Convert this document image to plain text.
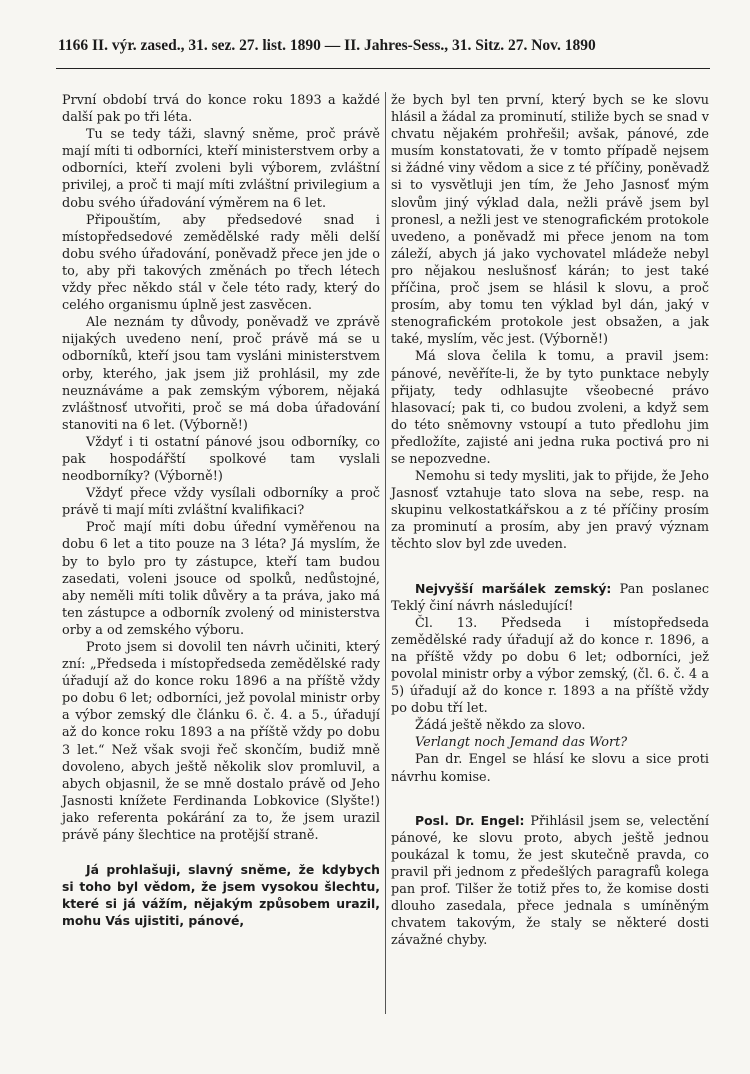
1166 II. výr. zased., 31. sez. 27. list. 1890 — II. Jahres-Sess., 31. Sitz. 27. Nov. 1890

První období trvá do konce roku 1893 a každé další pak po tři léta.

Tu se tedy táži, slavný sněme, proč právě mají míti ti odborníci, kteří ministerstvem orby a odborníci, kteří zvoleni byli výborem, zvláštní privilej, a proč ti mají míti zvláštní privilegium a dobu svého úřadování výměrem na 6 let.

Připouštím, aby předsedové snad i místopředsedové zemědělské rady měli delší dobu svého úřadování, poněvadž přece jen jde o to, aby při takových změnách po třech létech vždy přec někdo stál v čele této rady, který do celého organismu úplně jest zasvěcen.

Ale neznám ty důvody, poněvadž ve zprávě nijakých uvedeno není, proč právě má se u odborníků, kteří jsou tam vysláni ministerstvem orby, kterého, jak jsem již prohlásil, my zde neuznáváme a pak zemským výborem, nějaká zvláštnosť utvořiti, proč se má doba úřadování stanoviti na 6 let. (Výborně!)

Vždyť i ti ostatní pánové jsou odborníky, co pak hospodářští spolkové tam vyslali neodborníky? (Výborně!)

Vždyť přece vždy vysílali odborníky a proč právě ti mají míti zvláštní kvalifikaci?

Proč mají míti dobu úřední vyměřenou na dobu 6 let a tito pouze na 3 léta? Já myslím, že by to bylo pro ty zástupce, kteří tam budou zasedati, voleni jsouce od spolků, nedůstojné, aby neměli míti tolik důvěry a ta práva, jako má ten zástupce a odborník zvolený od ministerstva orby a od zemského výboru.

Proto jsem si dovolil ten návrh učiniti, který zní: „Předseda i místopředseda zemědělské rady úřadují až do konce roku 1896 a na příště vždy po dobu 6 let; odborníci, jež povolal ministr orby a výbor zemský dle článku 6. č. 4. a 5., úřadují až do konce roku 1893 a na příště vždy po dobu 3 let.“ Než však svoji řeč skončím, budiž mně dovoleno, abych ještě několik slov promluvil, a abych objasnil, že se mně dostalo právě od Jeho Jasnosti knížete Ferdinanda Lobkovice (Slyšte!) jako referenta pokárání za to, že jsem urazil právě pány šlechtice na protější straně.

Já prohlašuji, slavný sněme, že kdybych si toho byl vědom, že jsem vysokou šlechtu, které si já vážím, nějakým způsobem urazil, mohu Vás ujistiti, pánové,

že bych byl ten první, který bych se ke slovu hlásil a žádal za prominutí, stiliže bych se snad v chvatu nějakém prohřešil; avšak, pánové, zde musím konstatovati, že v tomto případě nejsem si žádné viny vědom a sice z té příčiny, poněvadž si to vysvětluji jen tím, že Jeho Jasnosť mým slovům jiný výklad dala, nežli právě jsem byl pronesl, a nežli jest ve stenografickém protokole uvedeno, a poněvadž mi přece jenom na tom záleží, abych já jako vychovatel mládeže nebyl pro nějakou neslušnosť kárán; to jest také příčina, proč jsem se hlásil k slovu, a proč prosím, aby tomu ten výklad byl dán, jaký v stenografickém protokole jest obsažen, a jak také, myslím, věc jest. (Výborně!)

Má slova čelila k tomu, a pravil jsem: pánové, nevěříte-li, že by tyto punktace nebyly přijaty, tedy odhlasujte všeobecné právo hlasovací; pak ti, co budou zvoleni, a když sem do této sněmovny vstoupí a tuto předlohu jim předložíte, zajisté ani jedna ruka poctivá pro ni se nepozvedne.

Nemohu si tedy mysliti, jak to přijde, že Jeho Jasnosť vztahuje tato slova na sebe, resp. na skupinu velkostatkářskou a z té příčiny prosím za prominutí a prosím, aby jen pravý význam těchto slov byl zde uveden.

Nejvyšší maršálek zemský: Pan poslanec Teklý činí návrh následující!

Čl. 13. Předseda i místopředseda zemědělské rady úřadují až do konce r. 1896, a na příště vždy po dobu 6 let; odborníci, jež povolal ministr orby a výbor zemský, (čl. 6. č. 4 a 5) úřadují až do konce r. 1893 a na příště vždy po dobu tří let.

Žádá ještě někdo za slovo.

Verlangt noch Jemand das Wort?

Pan dr. Engel se hlásí ke slovu a sice proti návrhu komise.

Posl. Dr. Engel: Přihlásil jsem se, velectění pánové, ke slovu proto, abych ještě jednou poukázal k tomu, že jest skutečně pravda, co pravil při jednom z předešlých paragrafů kolega pan prof. Tilšer že totiž přes to, že komise dosti dlouho zasedala, přece jednala s umíněným chvatem takovým, že staly se některé dosti závažné chyby.
